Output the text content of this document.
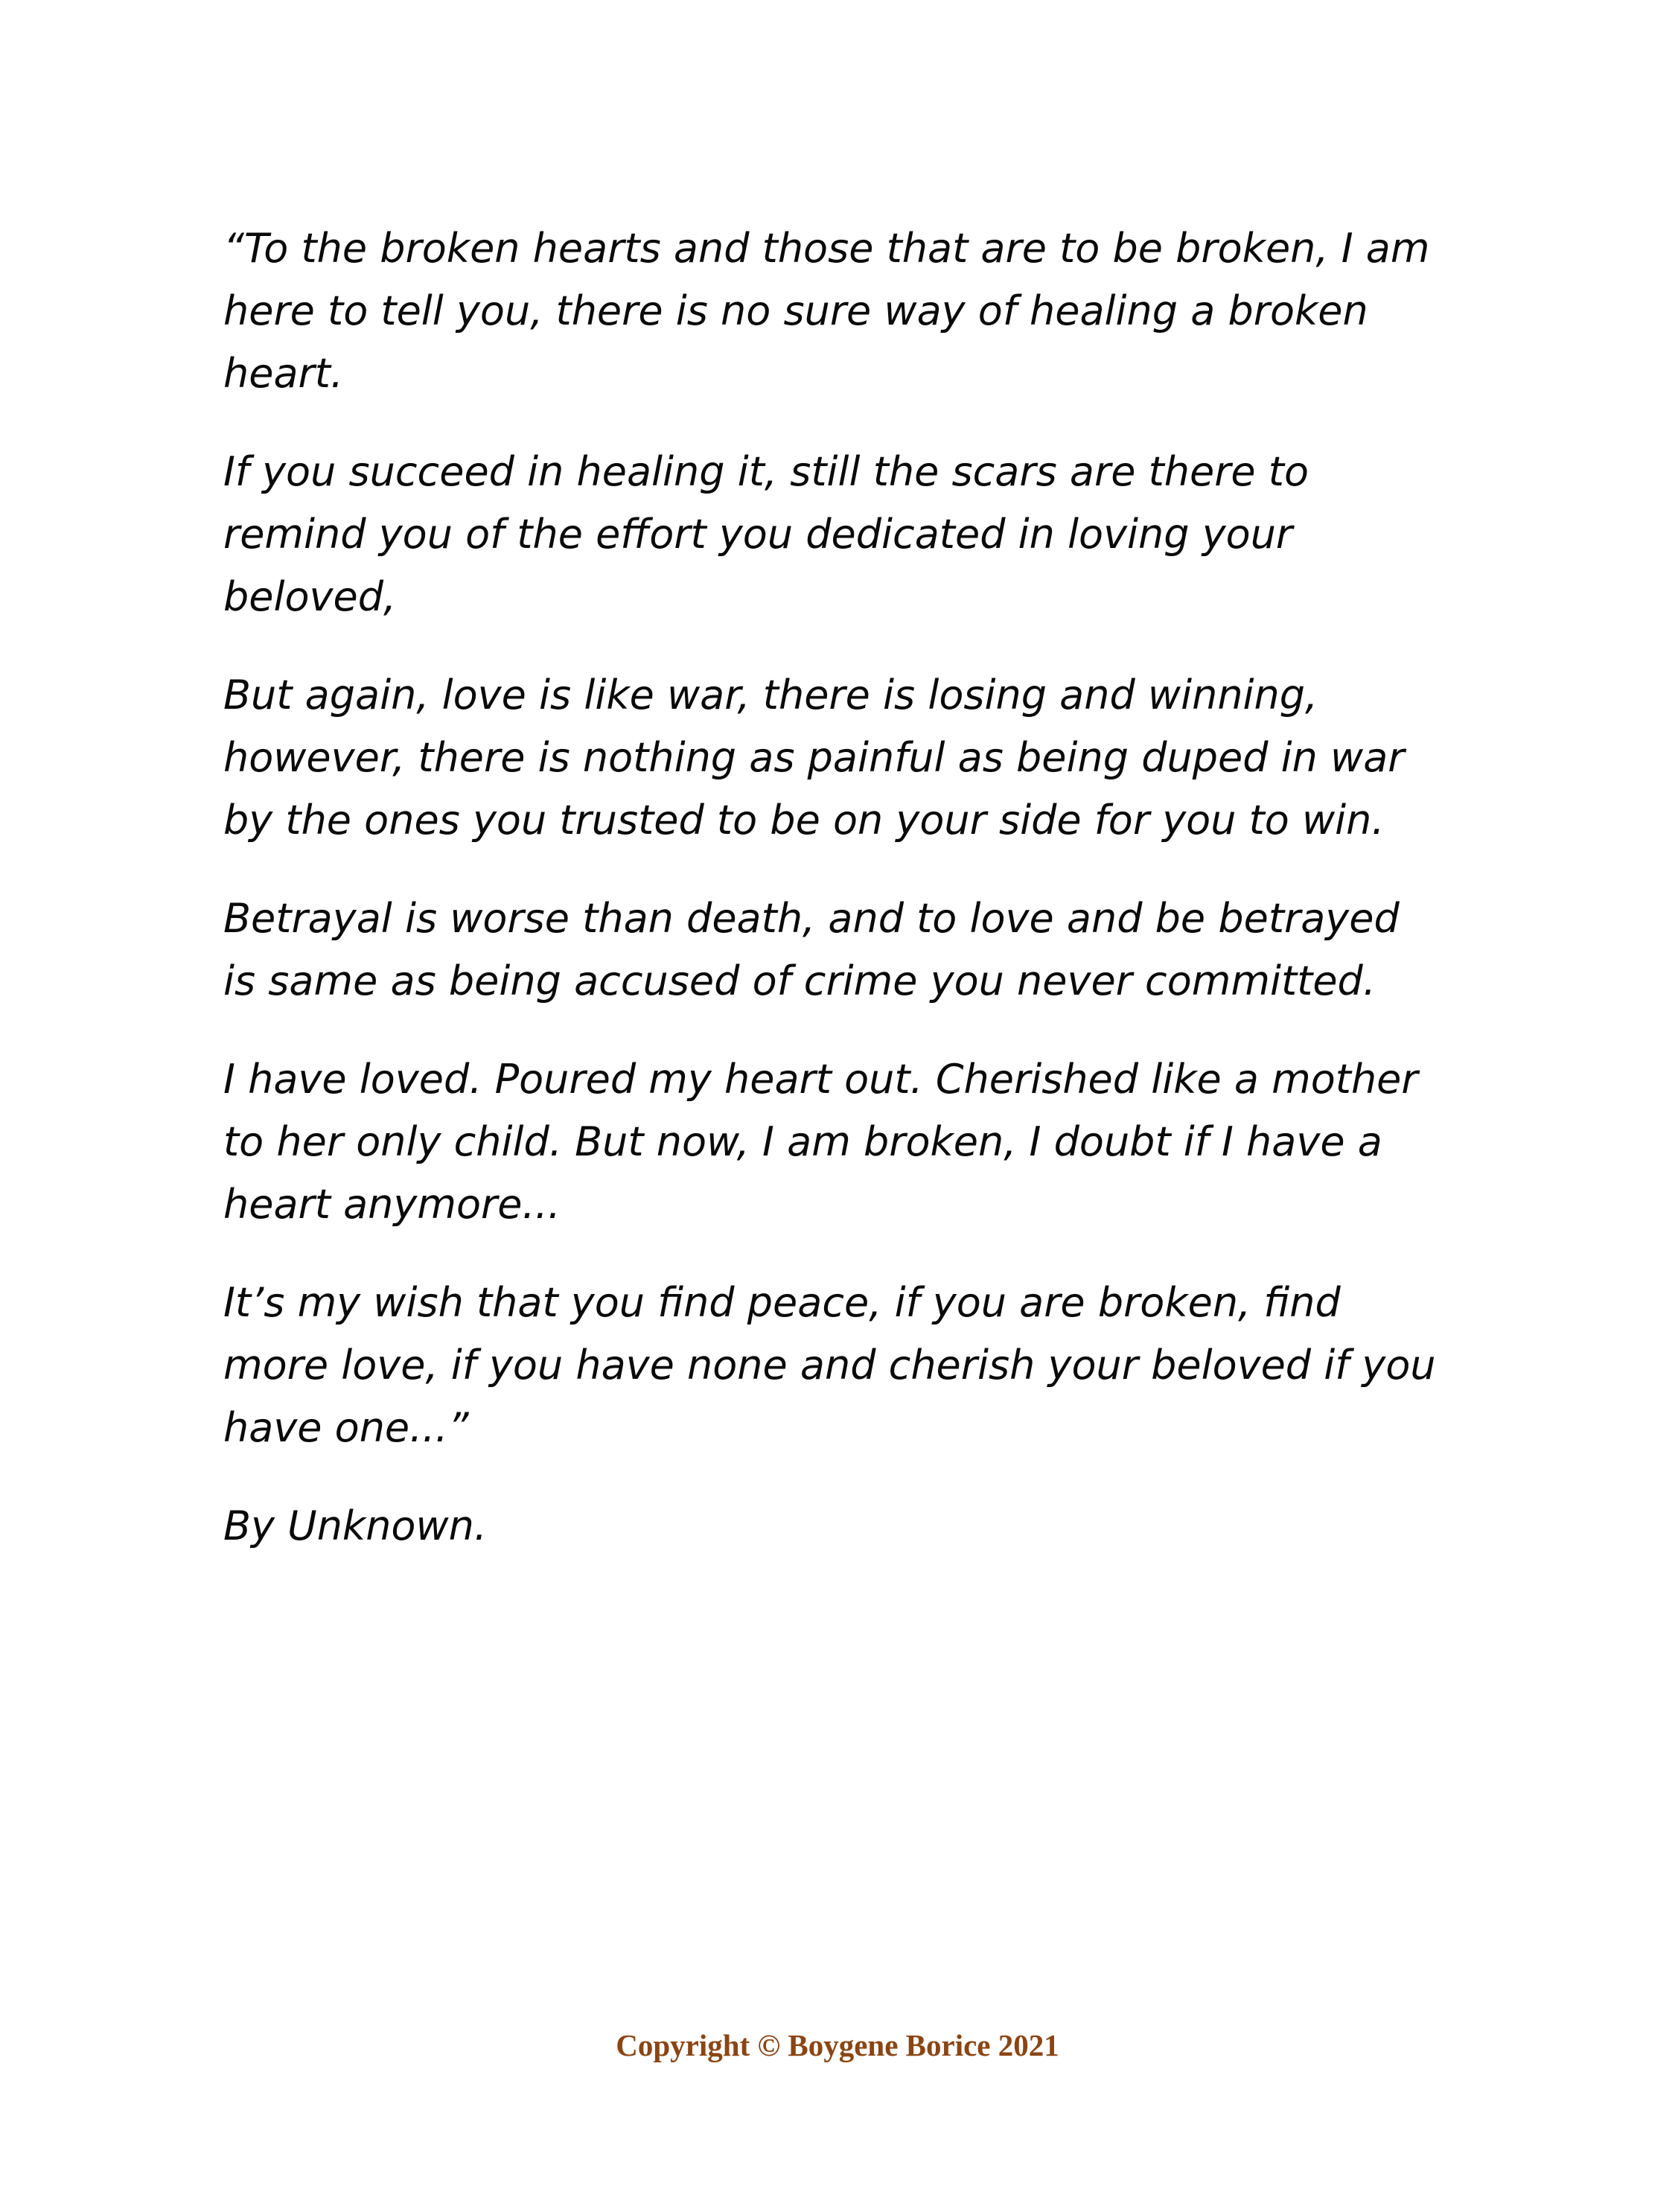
“To the broken hearts and those that are to be broken, I am
here to tell you, there is no sure way of healing a broken
heart.

If you succeed in healing it, still the scars are there to
remind you of the effort you dedicated in loving your
beloved,

But again, love is like war, there is losing and winning,
however, there is nothing as painful as being duped in war
by the ones you trusted to be on your side for you to win.

Betrayal is worse than death, and to love and be betrayed
is same as being accused of crime you never committed.

I have loved. Poured my heart out. Cherished like a mother
to her only child. But now, I am broken, I doubt if I have a
heart anymore...

It’s my wish that you find peace, if you are broken, find
more love, if you have none and cherish your beloved if you
have one...”

By Unknown.

Copyright © Boygene Borice 2021
